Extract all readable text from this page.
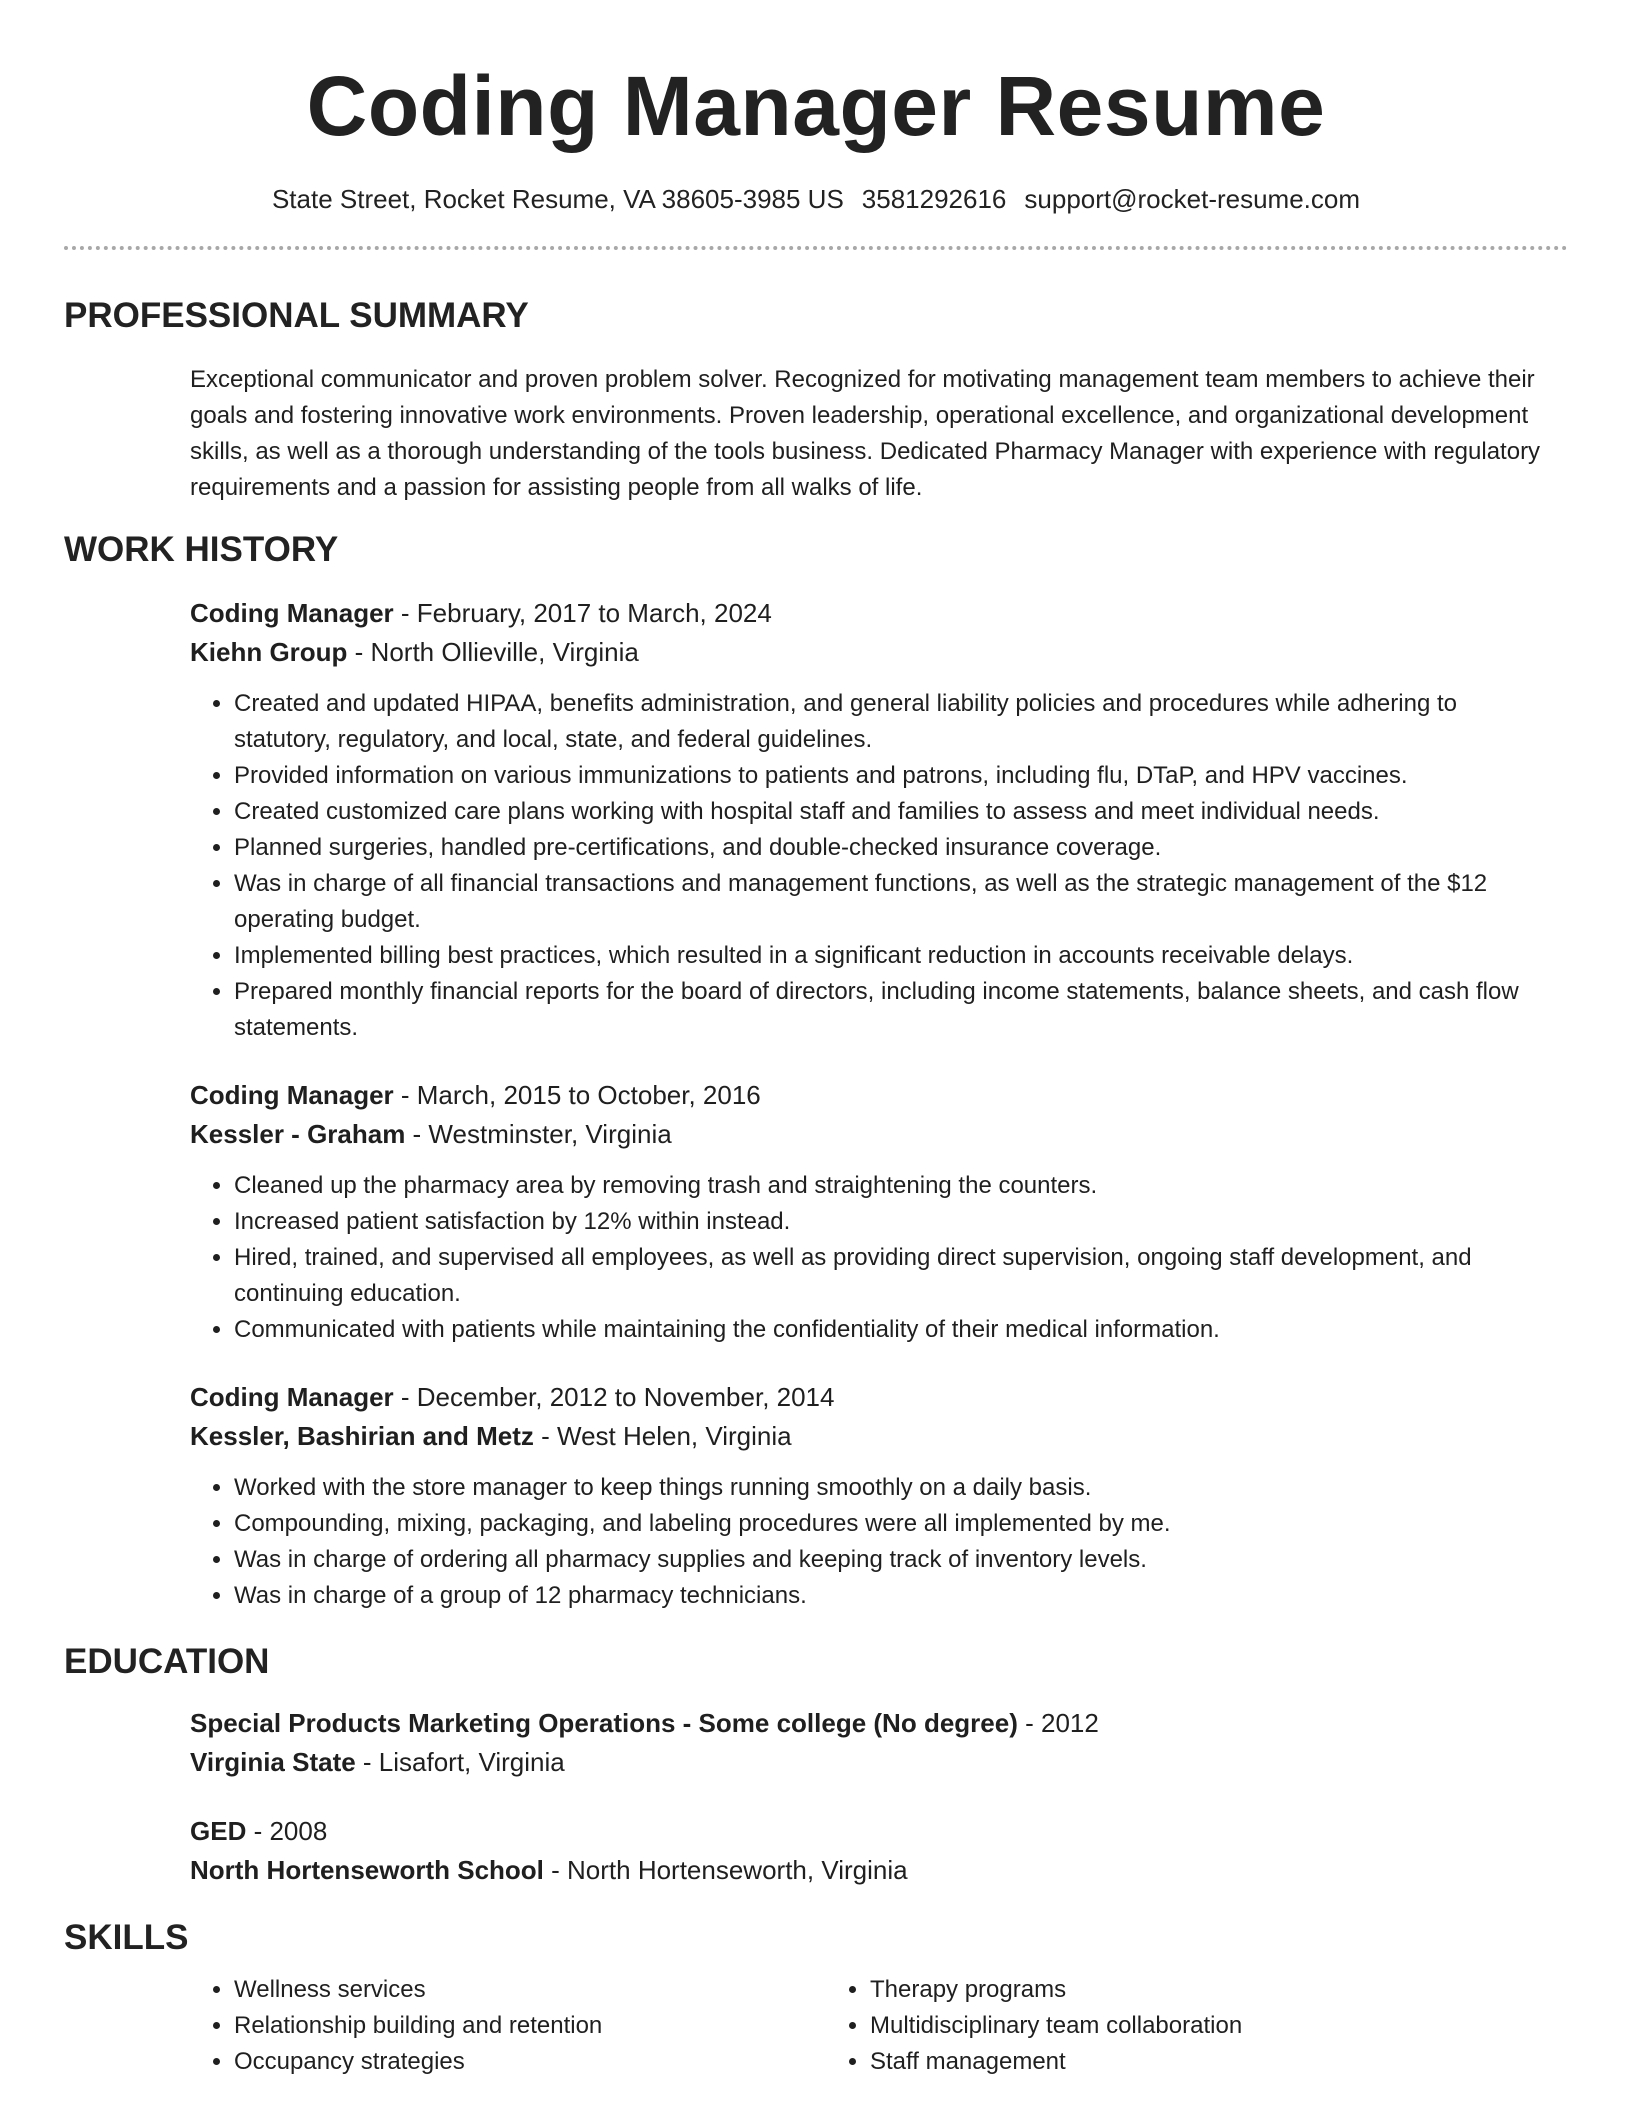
Coding Manager Resume
State Street, Rocket Resume, VA 38605-3985 US 3581292616 support@rocket-resume.com
PROFESSIONAL SUMMARY

Exceptional communicator and proven problem solver. Recognized for motivating management team members to achieve their goals and fostering innovative work environments. Proven leadership, operational excellence, and organizational development skills, as well as a thorough understanding of the tools business. Dedicated Pharmacy Manager with experience with regulatory requirements and a passion for assisting people from all walks of life.

WORK HISTORY
Coding Manager - February, 2017 to March, 2024
Kiehn Group - North Ollieville, Virginia
• Created and updated HIPAA, benefits administration, and general liability policies and procedures while adhering to statutory, regulatory, and local, state, and federal guidelines.
• Provided information on various immunizations to patients and patrons, including flu, DTaP, and HPV vaccines.
• Created customized care plans working with hospital staff and families to assess and meet individual needs.
• Planned surgeries, handled pre-certifications, and double-checked insurance coverage.
• Was in charge of all financial transactions and management functions, as well as the strategic management of the $12 operating budget.
• Implemented billing best practices, which resulted in a significant reduction in accounts receivable delays.
• Prepared monthly financial reports for the board of directors, including income statements, balance sheets, and cash flow statements.
Coding Manager - March, 2015 to October, 2016
Kessler - Graham - Westminster, Virginia
• Cleaned up the pharmacy area by removing trash and straightening the counters.
• Increased patient satisfaction by 12% within instead.
• Hired, trained, and supervised all employees, as well as providing direct supervision, ongoing staff development, and continuing education.
• Communicated with patients while maintaining the confidentiality of their medical information.
Coding Manager - December, 2012 to November, 2014
Kessler, Bashirian and Metz - West Helen, Virginia
• Worked with the store manager to keep things running smoothly on a daily basis.
• Compounding, mixing, packaging, and labeling procedures were all implemented by me.
• Was in charge of ordering all pharmacy supplies and keeping track of inventory levels.
• Was in charge of a group of 12 pharmacy technicians.
EDUCATION
Special Products Marketing Operations - Some college (No degree) - 2012
Virginia State - Lisafort, Virginia
GED - 2008
North Hortenseworth School - North Hortenseworth, Virginia
SKILLS
• Wellness services
• Relationship building and retention
• Occupancy strategies
• Therapy programs
• Multidisciplinary team collaboration
• Staff management
